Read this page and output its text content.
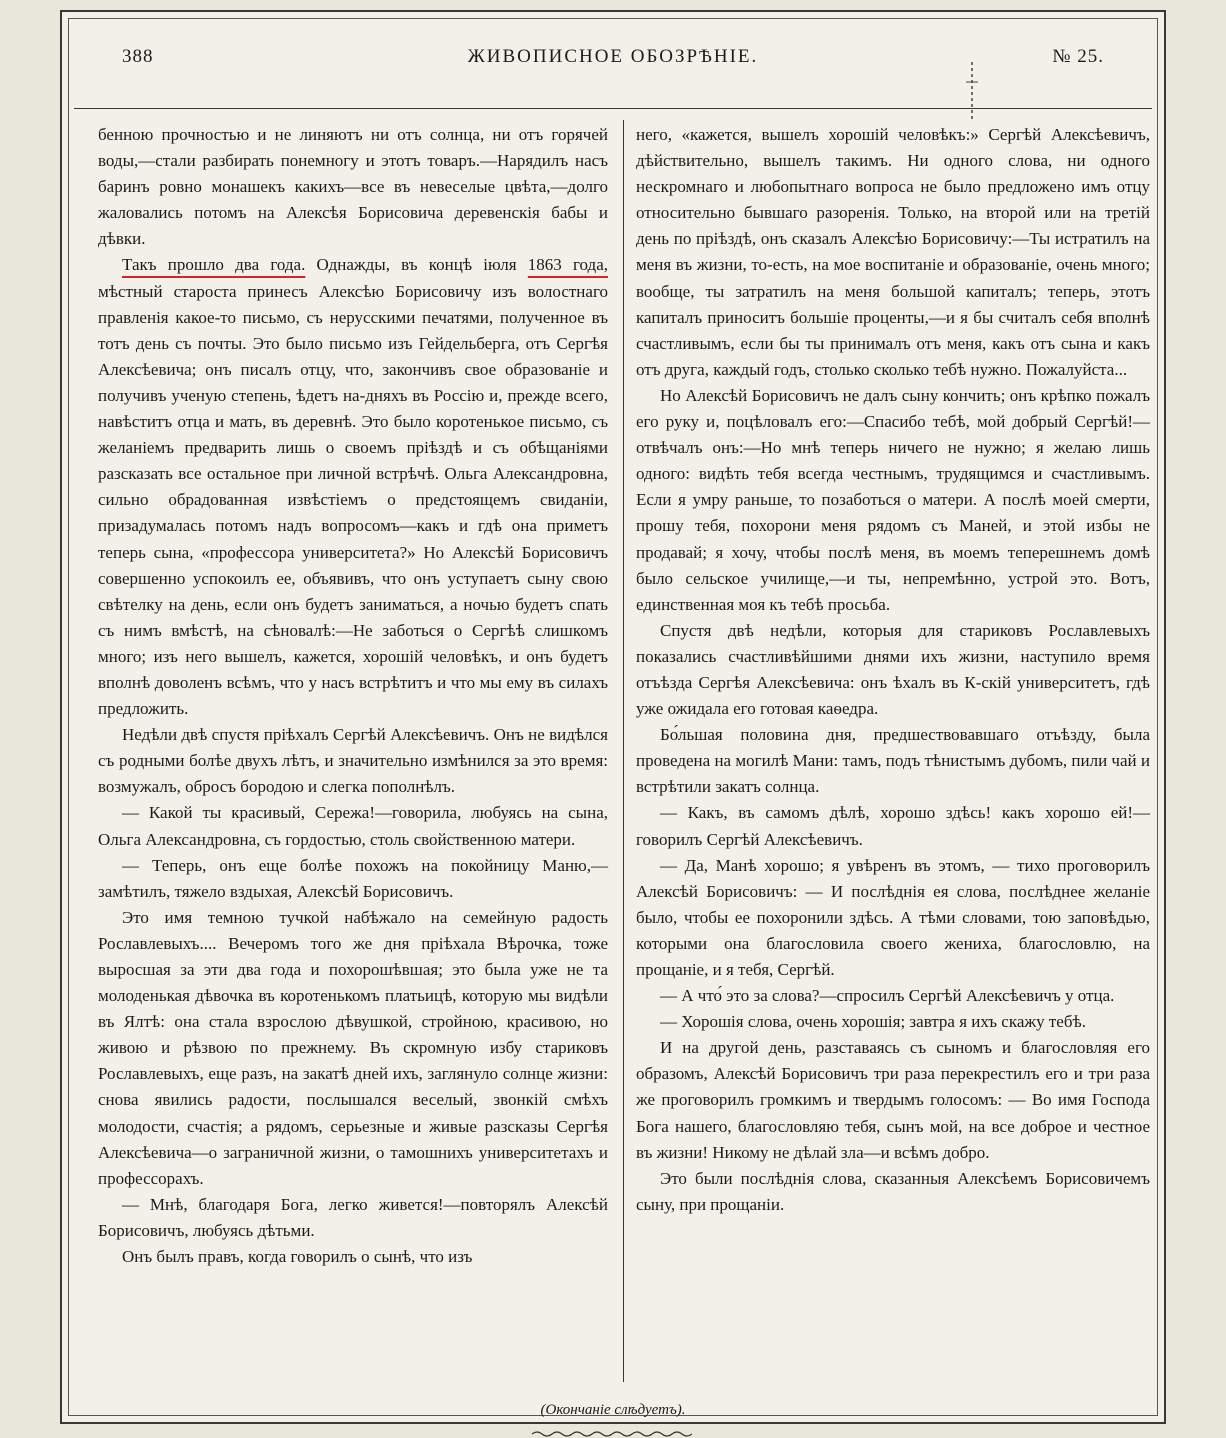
388	ЖИВОПИСНОЕ ОБОЗРѢНІЕ.	№ 25.

бенною прочностью и не линяютъ ни отъ солнца, ни отъ горячей воды,—стали разбирать понемногу и этотъ товаръ.—Нарядилъ насъ баринъ ровно монашекъ какихъ—все въ невеселые цвѣта,—долго жаловались потомъ на Алексѣя Борисовича деревенскія бабы и дѣвки.

Такъ прошло два года. Однажды, въ концѣ іюля 1863 года, мѣстный староста принесъ Алексѣю Борисовичу изъ волостнаго правленія какое-то письмо, съ нерусскими печатями, полученное въ тотъ день съ почты. Это было письмо изъ Гейдельберга, отъ Сергѣя Алексѣевича; онъ писалъ отцу, что, закончивъ свое образованіе и получивъ ученую степень, ѣдетъ на-дняхъ въ Россію и, прежде всего, навѣститъ отца и мать, въ деревнѣ. Это было коротенькое письмо, съ желаніемъ предварить лишь о своемъ пріѣздѣ и съ обѣщаніями разсказать все остальное при личной встрѣчѣ. Ольга Александровна, сильно обрадованная извѣстіемъ о предстоящемъ свиданіи, призадумалась потомъ надъ вопросомъ—какъ и гдѣ она приметъ теперь сына, «профессора университета?» Но Алексѣй Борисовичъ совершенно успокоилъ ее, объявивъ, что онъ уступаетъ сыну свою свѣтелку на день, если онъ будетъ заниматься, а ночью будетъ спать съ нимъ вмѣстѣ, на сѣновалѣ:—Не заботься о Сергѣѣ слишкомъ много; изъ него вышелъ, кажется, хорошій человѣкъ, и онъ будетъ вполнѣ доволенъ всѣмъ, что у насъ встрѣтитъ и что мы ему въ силахъ предложить.

Недѣли двѣ спустя пріѣхалъ Сергѣй Алексѣевичъ. Онъ не видѣлся съ родными болѣе двухъ лѣтъ, и значительно измѣнился за это время: возмужалъ, обросъ бородою и слегка пополнѣлъ.

— Какой ты красивый, Сережа!—говорила, любуясь на сына, Ольга Александровна, съ гордостью, столь свойственною матери.

— Теперь, онъ еще болѣе похожъ на покойницу Маню,—замѣтилъ, тяжело вздыхая, Алексѣй Борисовичъ.

Это имя темною тучкой набѣжало на семейную радость Рославлевыхъ.... Вечеромъ того же дня пріѣхала Вѣрочка, тоже выросшая за эти два года и похорошѣвшая; это была уже не та молоденькая дѣвочка въ коротенькомъ платьицѣ, которую мы видѣли въ Ялтѣ: она стала взрослою дѣвушкой, стройною, красивою, но живою и рѣзвою по прежнему. Въ скромную избу стариковъ Рославлевыхъ, еще разъ, на закатѣ дней ихъ, заглянуло солнце жизни: снова явились радости, послышался веселый, звонкій смѣхъ молодости, счастія; а рядомъ, серьезные и живые разсказы Сергѣя Алексѣевича—о заграничной жизни, о тамошнихъ университетахъ и профессорахъ.

— Мнѣ, благодаря Бога, легко живется!—повторялъ Алексѣй Борисовичъ, любуясь дѣтьми.

Онъ былъ правъ, когда говорилъ о сынѣ, что изъ

него, «кажется, вышелъ хорошій человѣкъ:» Сергѣй Алексѣевичъ, дѣйствительно, вышелъ такимъ. Ни одного слова, ни одного нескромнаго и любопытнаго вопроса не было предложено имъ отцу относительно бывшаго разоренія. Только, на второй или на третій день по пріѣздѣ, онъ сказалъ Алексѣю Борисовичу:—Ты истратилъ на меня въ жизни, то-есть, на мое воспитаніе и образованіе, очень много; вообще, ты затратилъ на меня большой капиталъ; теперь, этотъ капиталъ приноситъ большіе проценты,—и я бы считалъ себя вполнѣ счастливымъ, если бы ты принималъ отъ меня, какъ отъ сына и какъ отъ друга, каждый годъ, столько сколько тебѣ нужно. Пожалуйста...

Но Алексѣй Борисовичъ не далъ сыну кончить; онъ крѣпко пожалъ его руку и, поцѣловалъ его:—Спасибо тебѣ, мой добрый Сергѣй!—отвѣчалъ онъ:—Но мнѣ теперь ничего не нужно; я желаю лишь одного: видѣть тебя всегда честнымъ, трудящимся и счастливымъ. Если я умру раньше, то позаботься о матери. А послѣ моей смерти, прошу тебя, похорони меня рядомъ съ Маней, и этой избы не продавай; я хочу, чтобы послѣ меня, въ моемъ теперешнемъ домѣ было сельское училище,—и ты, непремѣнно, устрой это. Вотъ, единственная моя къ тебѣ просьба.

Спустя двѣ недѣли, которыя для стариковъ Рославлевыхъ показались счастливѣйшими днями ихъ жизни, наступило время отъѣзда Сергѣя Алексѣевича: онъ ѣхалъ въ К-скій университетъ, гдѣ уже ожидала его готовая каѳедра.

Бо́льшая половина дня, предшествовавшаго отъѣзду, была проведена на могилѣ Мани: тамъ, подъ тѣнистымъ дубомъ, пили чай и встрѣтили закатъ солнца.

— Какъ, въ самомъ дѣлѣ, хорошо здѣсь! какъ хорошо ей!—говорилъ Сергѣй Алексѣевичъ.

— Да, Манѣ хорошо; я увѣренъ въ этомъ, — тихо проговорилъ Алексѣй Борисовичъ: — И послѣднія ея слова, послѣднее желаніе было, чтобы ее похоронили здѣсь. А тѣми словами, тою заповѣдью, которыми она благословила своего жениха, благословлю, на прощаніе, и я тебя, Сергѣй.

— А что́ это за слова?—спросилъ Сергѣй Алексѣевичъ у отца.

— Хорошія слова, очень хорошія; завтра я ихъ скажу тебѣ.

И на другой день, разставаясь съ сыномъ и благословляя его образомъ, Алексѣй Борисовичъ три раза перекрестилъ его и три раза же проговорилъ громкимъ и твердымъ голосомъ: — Во имя Господа Бога нашего, благословляю тебя, сынъ мой, на все доброе и честное въ жизни! Никому не дѣлай зла—и всѣмъ добро.

Это были послѣднія слова, сказанныя Алексѣемъ Борисовичемъ сыну, при прощаніи.

(Окончаніе слѣдуетъ).
